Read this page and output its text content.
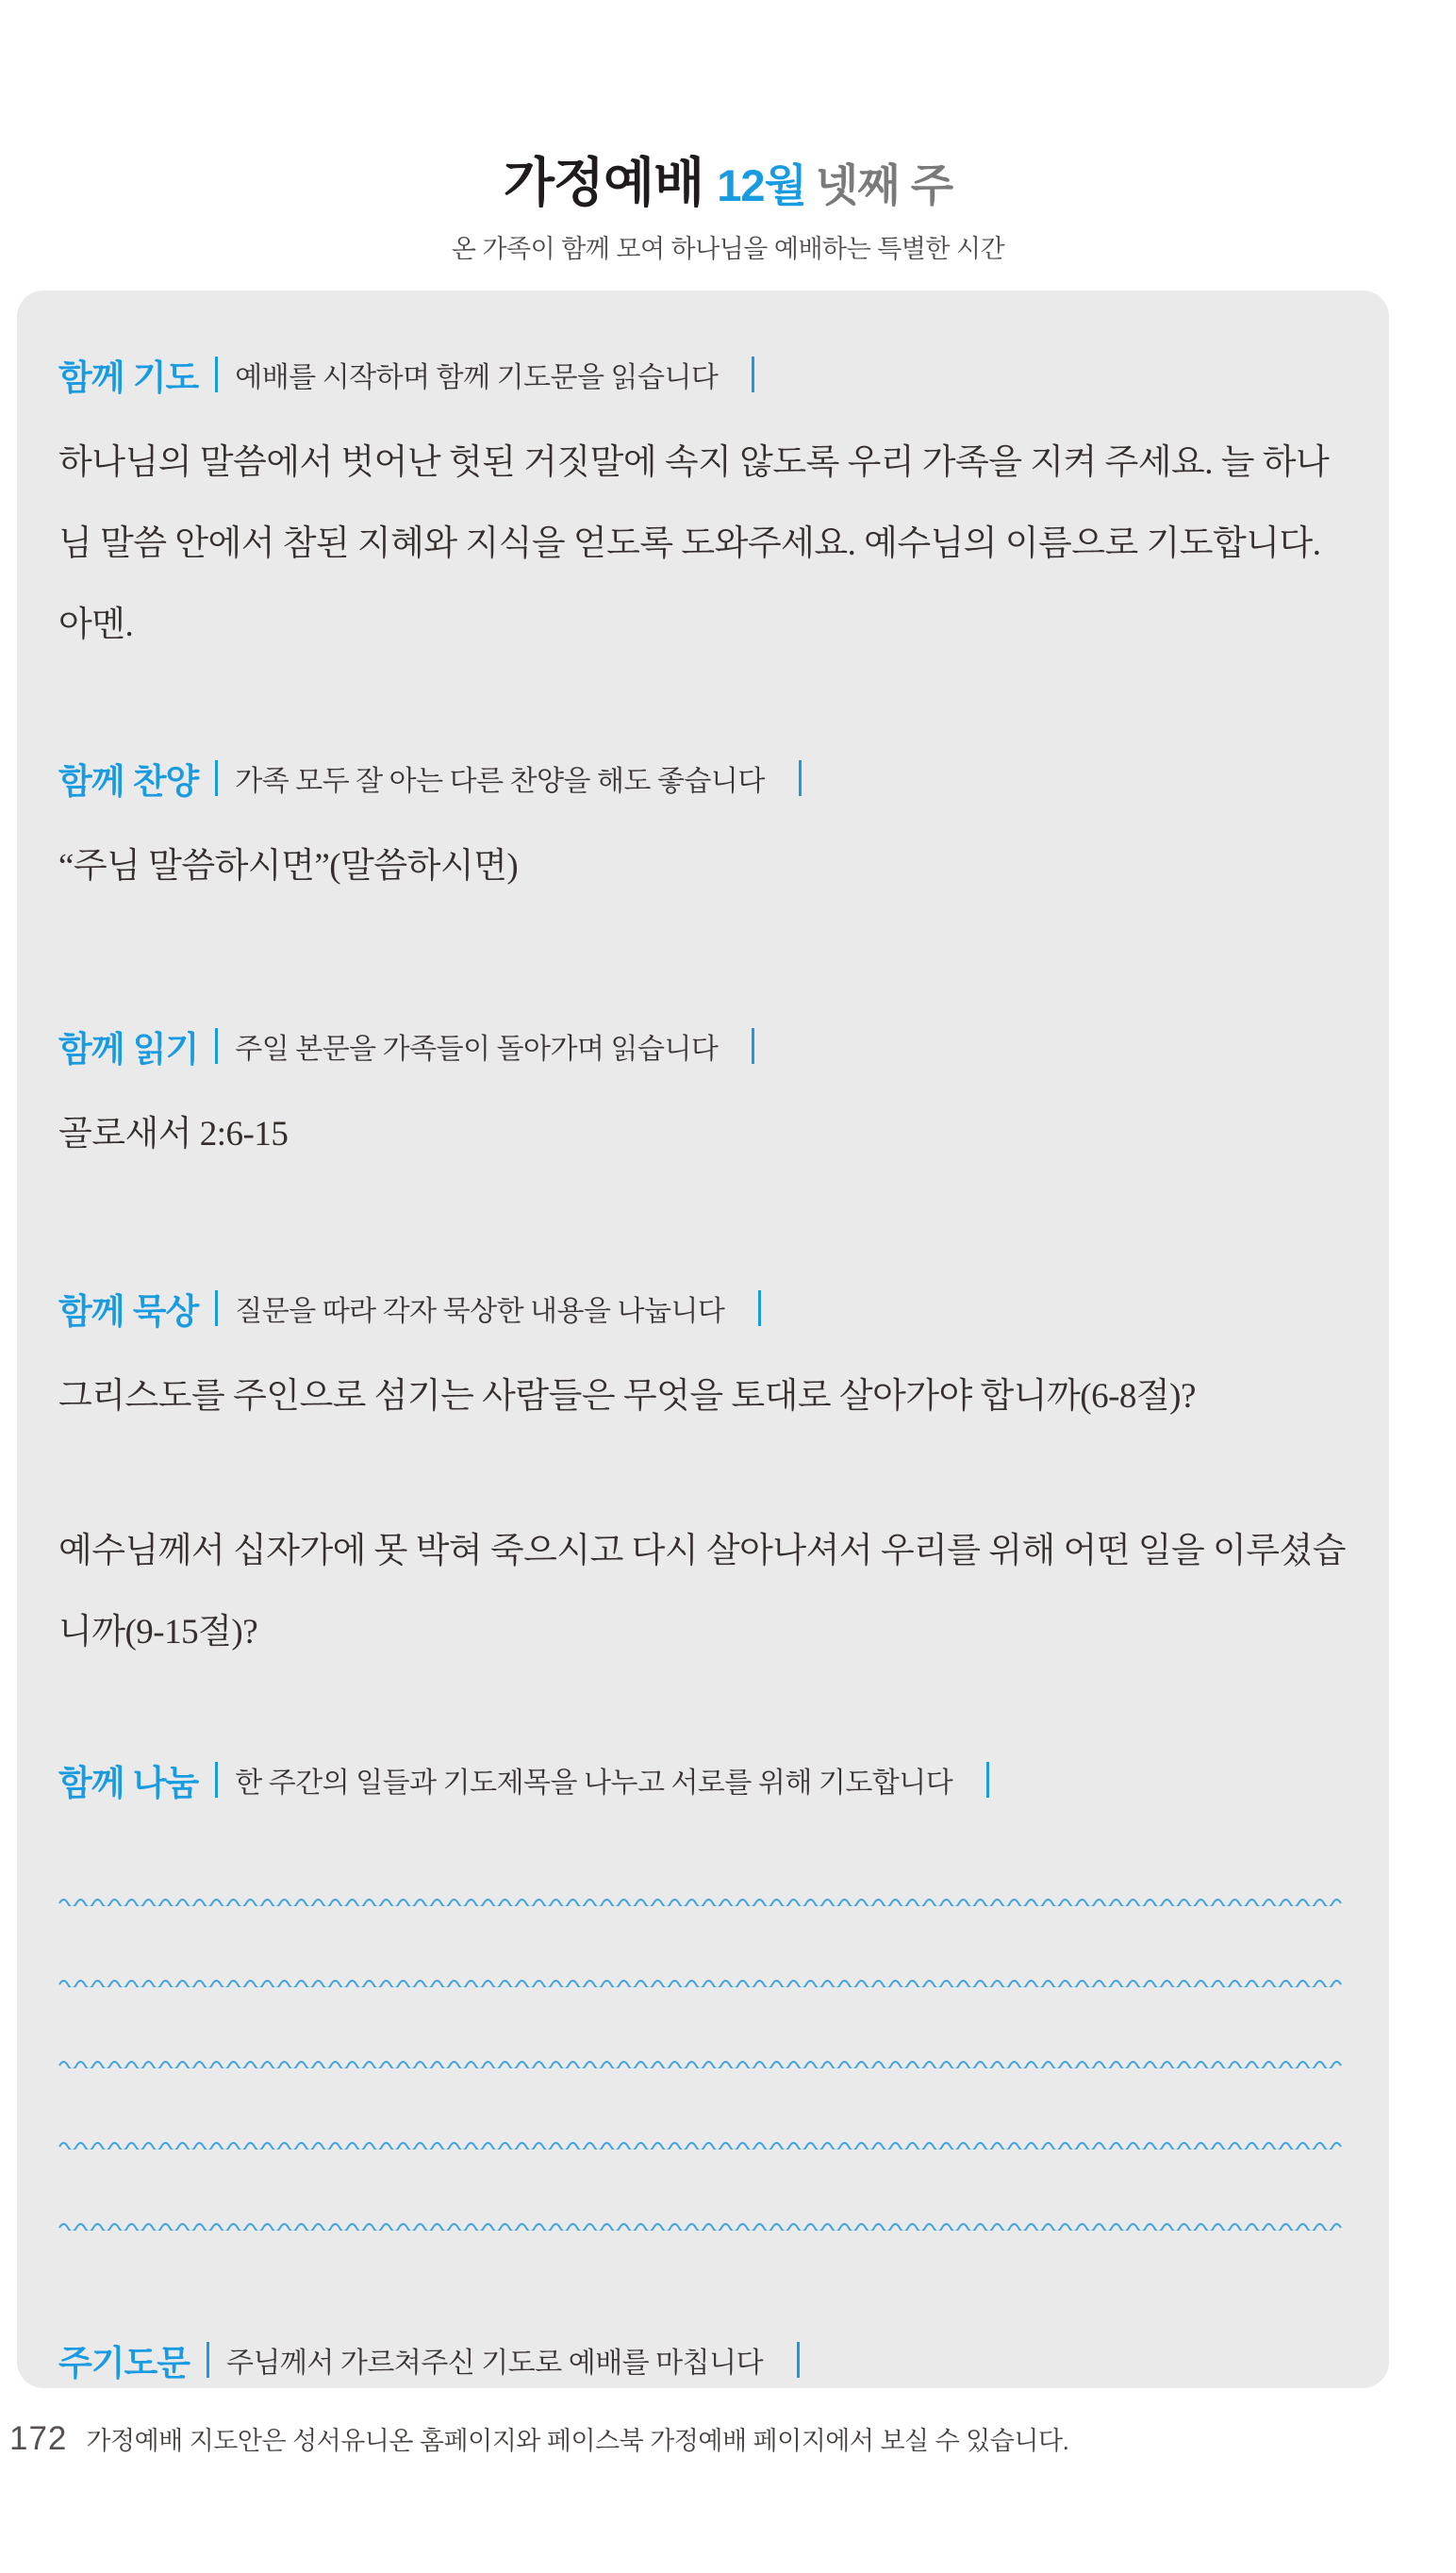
가정예배 12월 넷째 주
온 가족이 함께 모여 하나님을 예배하는 특별한 시간
함께 기도 예배를 시작하며 함께 기도문을 읽습니다

하나님의 말씀에서 벗어난 헛된 거짓말에 속지 않도록 우리 가족을 지켜 주세요. 늘 하나님 말씀 안에서 참된 지혜와 지식을 얻도록 도와주세요. 예수님의 이름으로 기도합니다. 아멘.

함께 찬양 가족 모두 잘 아는 다른 찬양을 해도 좋습니다

“주님 말씀하시면”(말씀하시면)

함께 읽기 주일 본문을 가족들이 돌아가며 읽습니다

골로새서 2:6-15

함께 묵상 질문을 따라 각자 묵상한 내용을 나눕니다

그리스도를 주인으로 섬기는 사람들은 무엇을 토대로 살아가야 합니까(6-8절)?

예수님께서 십자가에 못 박혀 죽으시고 다시 살아나셔서 우리를 위해 어떤 일을 이루셨습니까(9-15절)?

함께 나눔 한 주간의 일들과 기도제목을 나누고 서로를 위해 기도합니다
주기도문 주님께서 가르쳐주신 기도로 예배를 마칩니다
172 가정예배 지도안은 성서유니온 홈페이지와 페이스북 가정예배 페이지에서 보실 수 있습니다.
